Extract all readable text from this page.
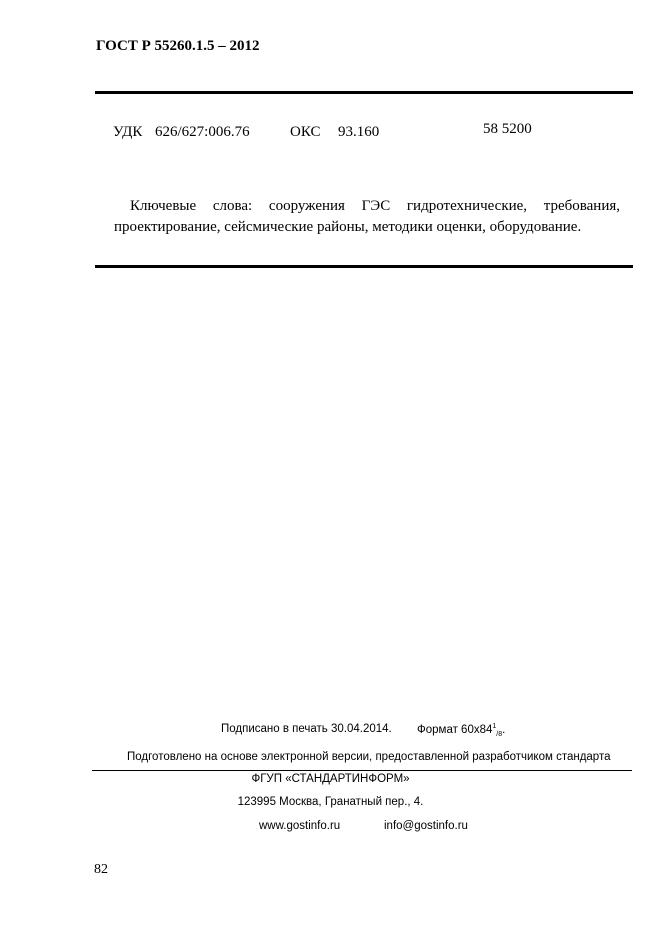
ГОСТ Р 55260.1.5 – 2012
УДК 626/627:006.76	ОКС 93.160	58 5200
Ключевые слова: сооружения ГЭС гидротехнические, требования, проектирование, сейсмические районы, методики оценки, оборудование.
Подписано в печать 30.04.2014. Формат $60х84^1_{/8}$.
Подготовлено на основе электронной версии, предоставленной разработчиком стандарта
ФГУП «СТАНДАРТИНФОРМ»
123995 Москва, Гранатный пер., 4.
www.gostinfo.ru	info@gostinfo.ru
82
